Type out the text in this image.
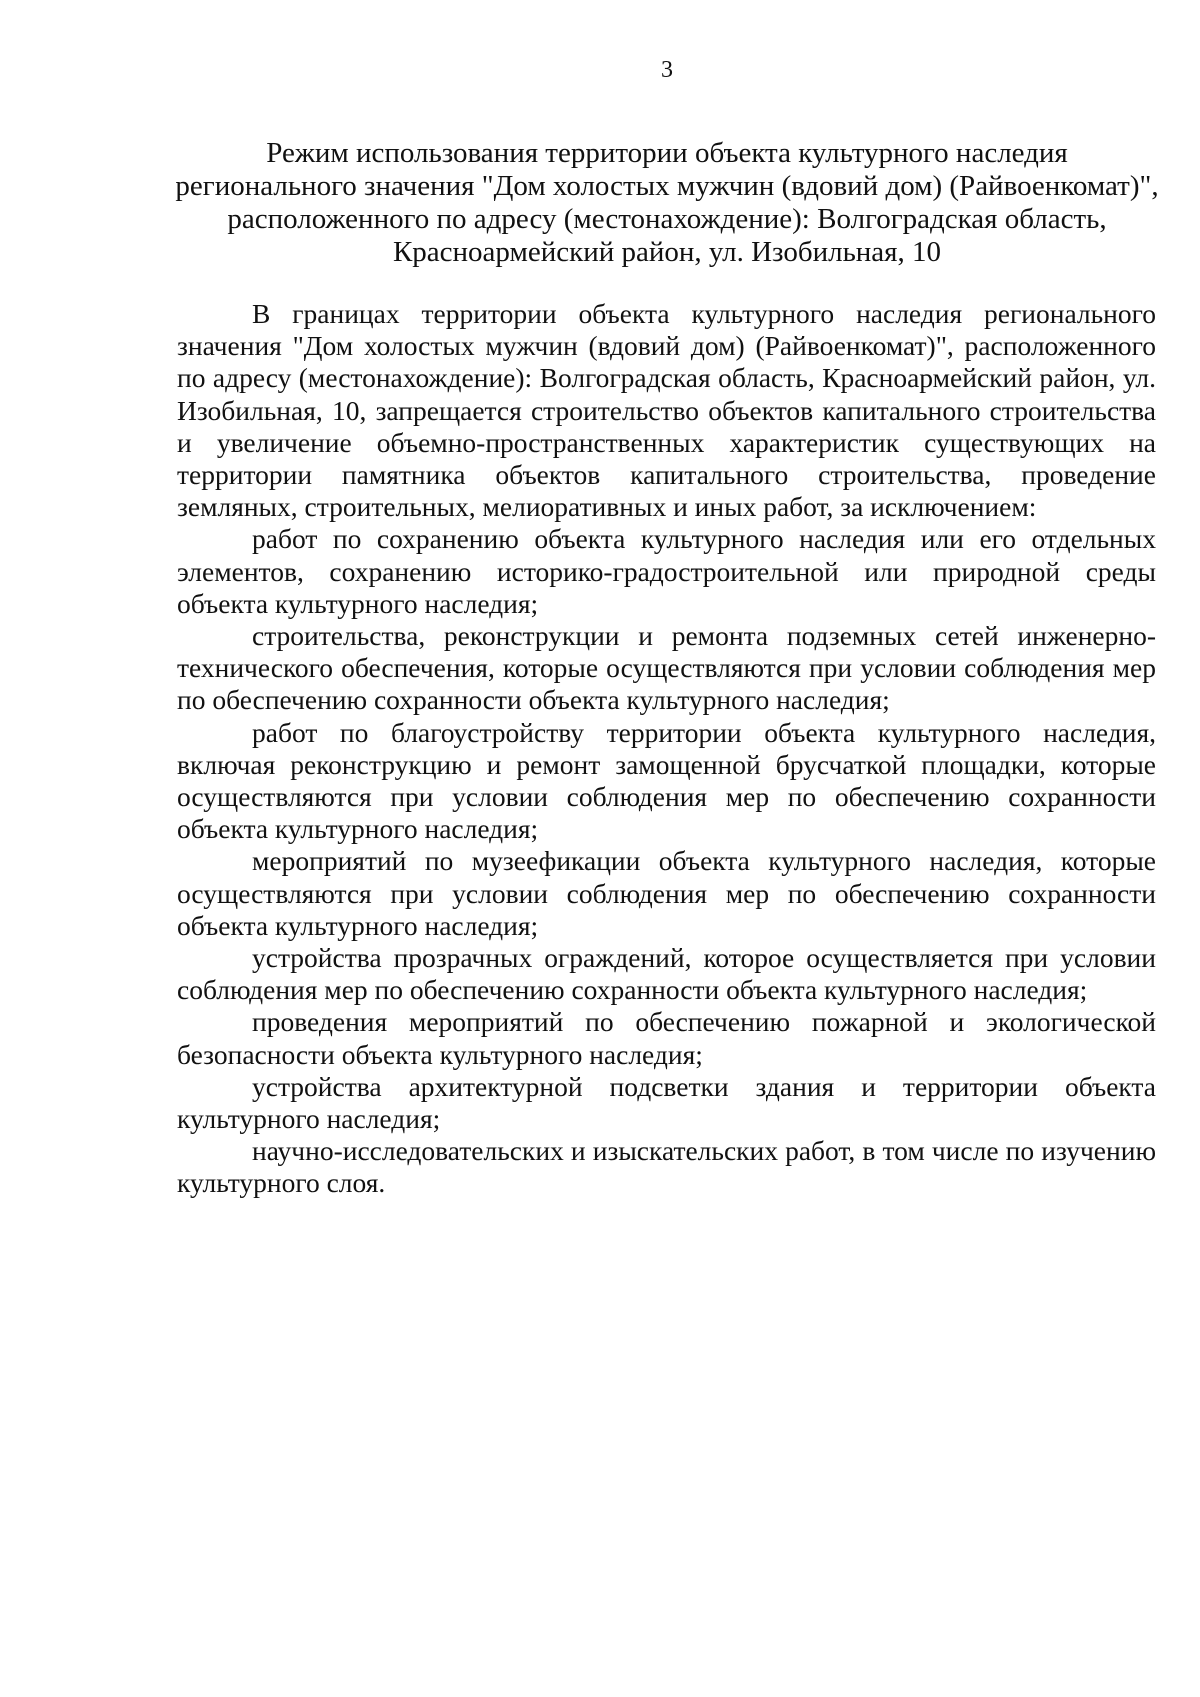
3
Режим использования территории объекта культурного наследия
регионального значения "Дом холостых мужчин (вдовий дом) (Райвоенкомат)",
расположенного по адресу (местонахождение): Волгоградская область,
Красноармейский район, ул. Изобильная, 10

В границах территории объекта культурного наследия регионального значения "Дом холостых мужчин (вдовий дом) (Райвоенкомат)", расположенного по адресу (местонахождение): Волгоградская область, Красноармейский район, ул. Изобильная, 10, запрещается строительство объектов капитального строительства и увеличение объемно-пространственных характеристик существующих на территории памятника объектов капитального строительства, проведение земляных, строительных, мелиоративных и иных работ, за исключением:

работ по сохранению объекта культурного наследия или его отдельных элементов, сохранению историко-градостроительной или природной среды объекта культурного наследия;

строительства, реконструкции и ремонта подземных сетей инженерно-технического обеспечения, которые осуществляются при условии соблюдения мер по обеспечению сохранности объекта культурного наследия;

работ по благоустройству территории объекта культурного наследия, включая реконструкцию и ремонт замощенной брусчаткой площадки, которые осуществляются при условии соблюдения мер по обеспечению сохранности объекта культурного наследия;

мероприятий по музеефикации объекта культурного наследия, которые осуществляются при условии соблюдения мер по обеспечению сохранности объекта культурного наследия;

устройства прозрачных ограждений, которое осуществляется при условии соблюдения мер по обеспечению сохранности объекта культурного наследия;

проведения мероприятий по обеспечению пожарной и экологической безопасности объекта культурного наследия;

устройства архитектурной подсветки здания и территории объекта культурного наследия;

научно-исследовательских и изыскательских работ, в том числе по изучению культурного слоя.
